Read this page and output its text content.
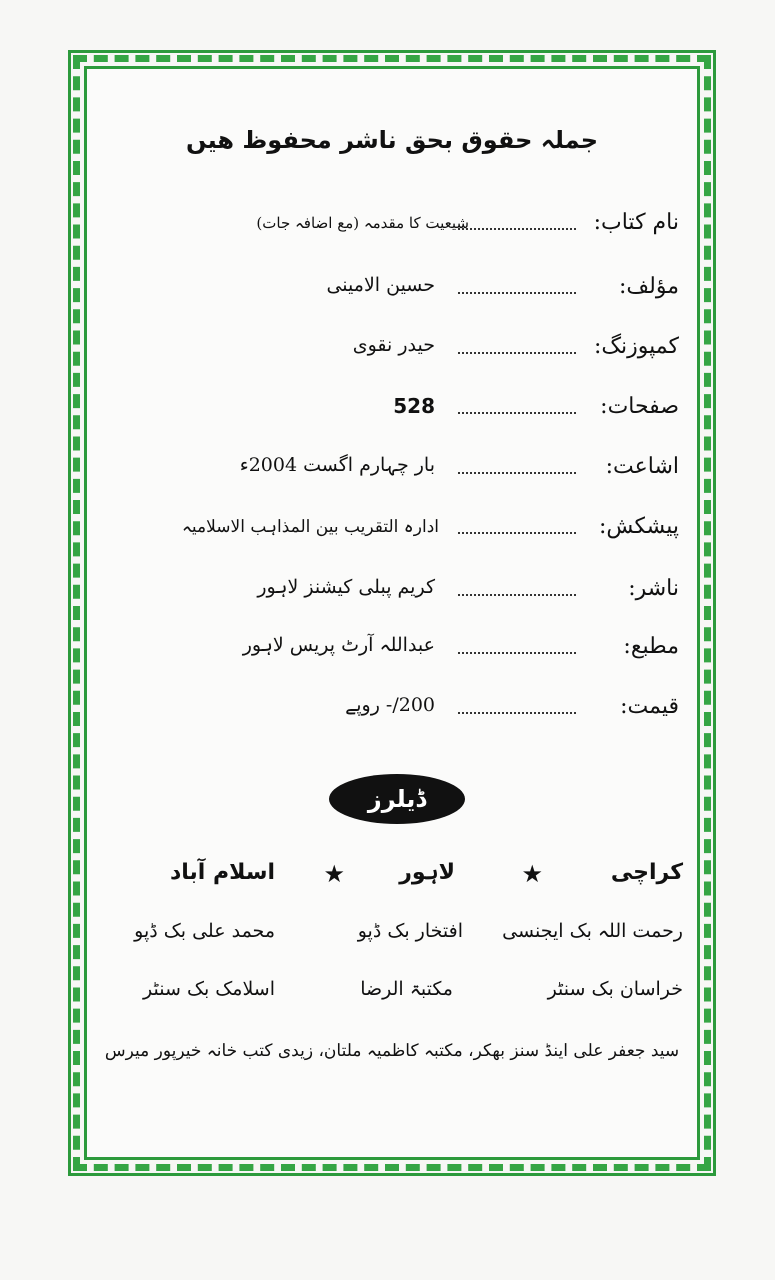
جملہ حقوق بحق ناشر محفوظ ھیں
نام کتاب:
شیعیت کا مقدمہ (مع اضافہ جات)
مؤلف:
حسین الامینی
کمپوزنگ:
حیدر نقوی
صفحات:
528
اشاعت:
بار چہارم اگست 2004ء
پیشکش:
ادارہ التقریب بین المذاہب الاسلامیہ
ناشر:
کریم پبلی کیشنز لاہور
مطبع:
عبداللہ آرٹ پریس لاہور
قیمت:
200/- روپے
ڈیلرز
کراچی
★
لاہور
★
اسلام آباد
رحمت اللہ بک ایجنسی
افتخار بک ڈپو
محمد علی بک ڈپو
خراسان بک سنٹر
مکتبۃ الرضا
اسلامک بک سنٹر
سید جعفر علی اینڈ سنز بھکر، مکتبہ کاظمیہ ملتان، زیدی کتب خانہ خیرپور میرس
